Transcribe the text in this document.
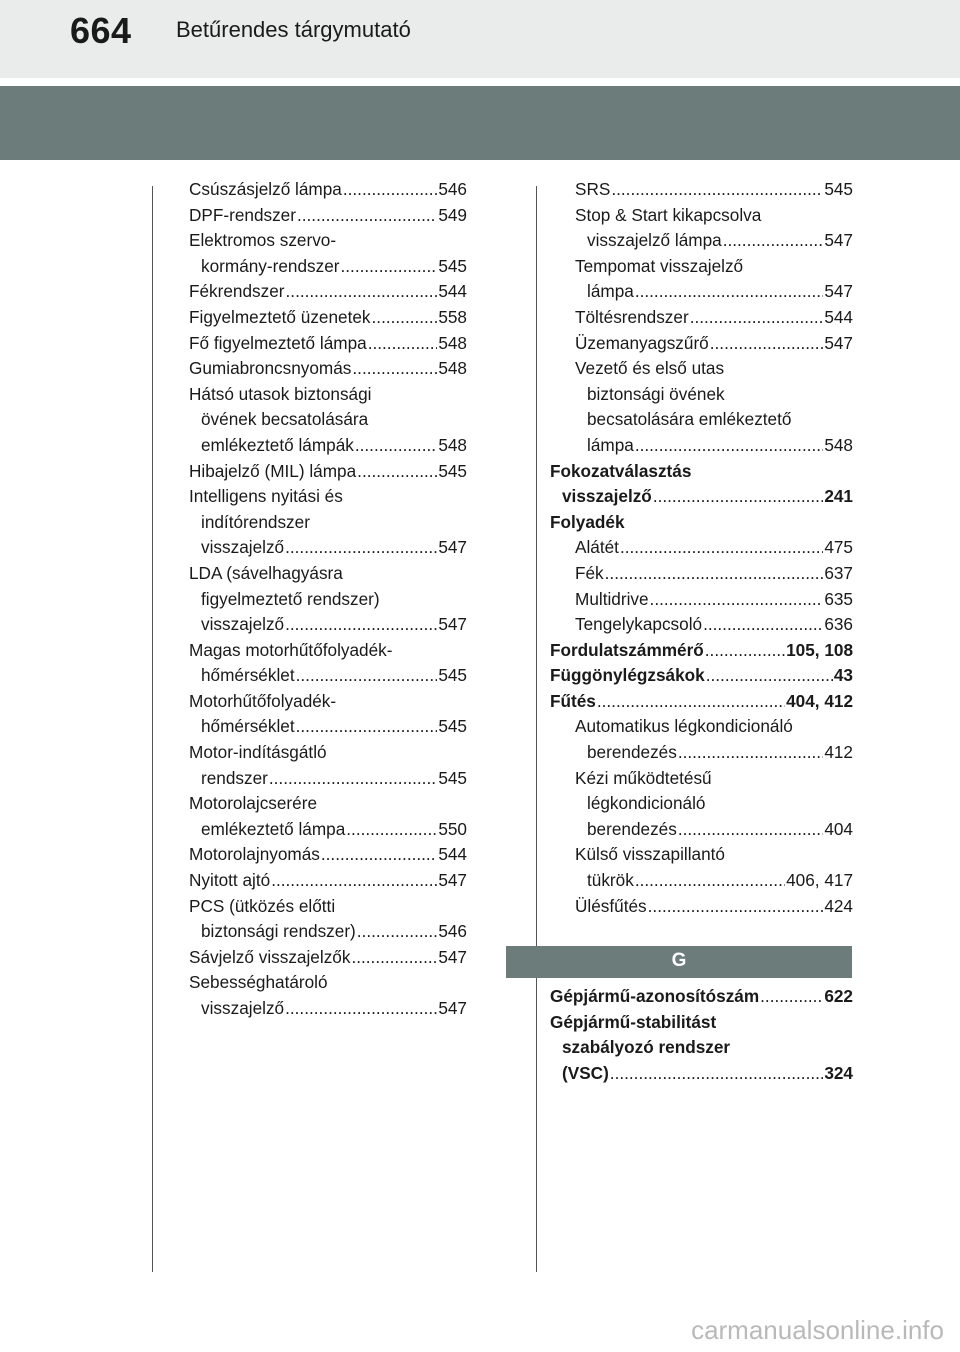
664 Betűrendes tárgymutató
Csúszásjelző lámpa .....	546
DPF-rendszer .....	549
Elektromos szervo-
kormány-rendszer .....	545
Fékrendszer .....	544
Figyelmeztető üzenetek .....	558
Fő figyelmeztető lámpa .....	548
Gumiabroncsnyomás .....	548
Hátsó utasok biztonsági
övének becsatolására
emlékeztető lámpák .....	548
Hibajelző (MIL) lámpa .....	545
Intelligens nyitási és
indítórendszer
visszajelző .....	547
LDA (sávelhagyásra
figyelmeztető rendszer)
visszajelző .....	547
Magas motorhűtőfolyadék-
hőmérséklet .....	545
Motorhűtőfolyadék-
hőmérséklet .....	545
Motor-indításgátló
rendszer .....	545
Motorolajcserére
emlékeztető lámpa .....	550
Motorolajnyomás .....	544
Nyitott ajtó .....	547
PCS (ütközés előtti
biztonsági rendszer) .....	546
Sávjelző visszajelzők .....	547
Sebességhatároló
visszajelző .....	547
SRS .....	545
Stop & Start kikapcsolva
visszajelző lámpa .....	547
Tempomat visszajelző
lámpa .....	547
Töltésrendszer .....	544
Üzemanyagszűrő .....	547
Vezető és első utas
biztonsági övének
becsatolására emlékeztető
lámpa .....	548
Fokozatválasztás
visszajelző .....	241
Folyadék
Alátét .....	475
Fék .....	637
Multidrive .....	635
Tengelykapcsoló .....	636
Fordulatszámmérő .....	105, 108
Függönylégzsákok .....	43
Fűtés .....	404, 412
Automatikus légkondicionáló
berendezés .....	412
Kézi működtetésű
légkondicionáló
berendezés .....	404
Külső visszapillantó
tükrök .....	406, 417
Ülésfűtés .....	424
G
Gépjármű-azonosítószám .....	622
Gépjármű-stabilitást
szabályozó rendszer
(VSC) .....	324
carmanualsonline.info
